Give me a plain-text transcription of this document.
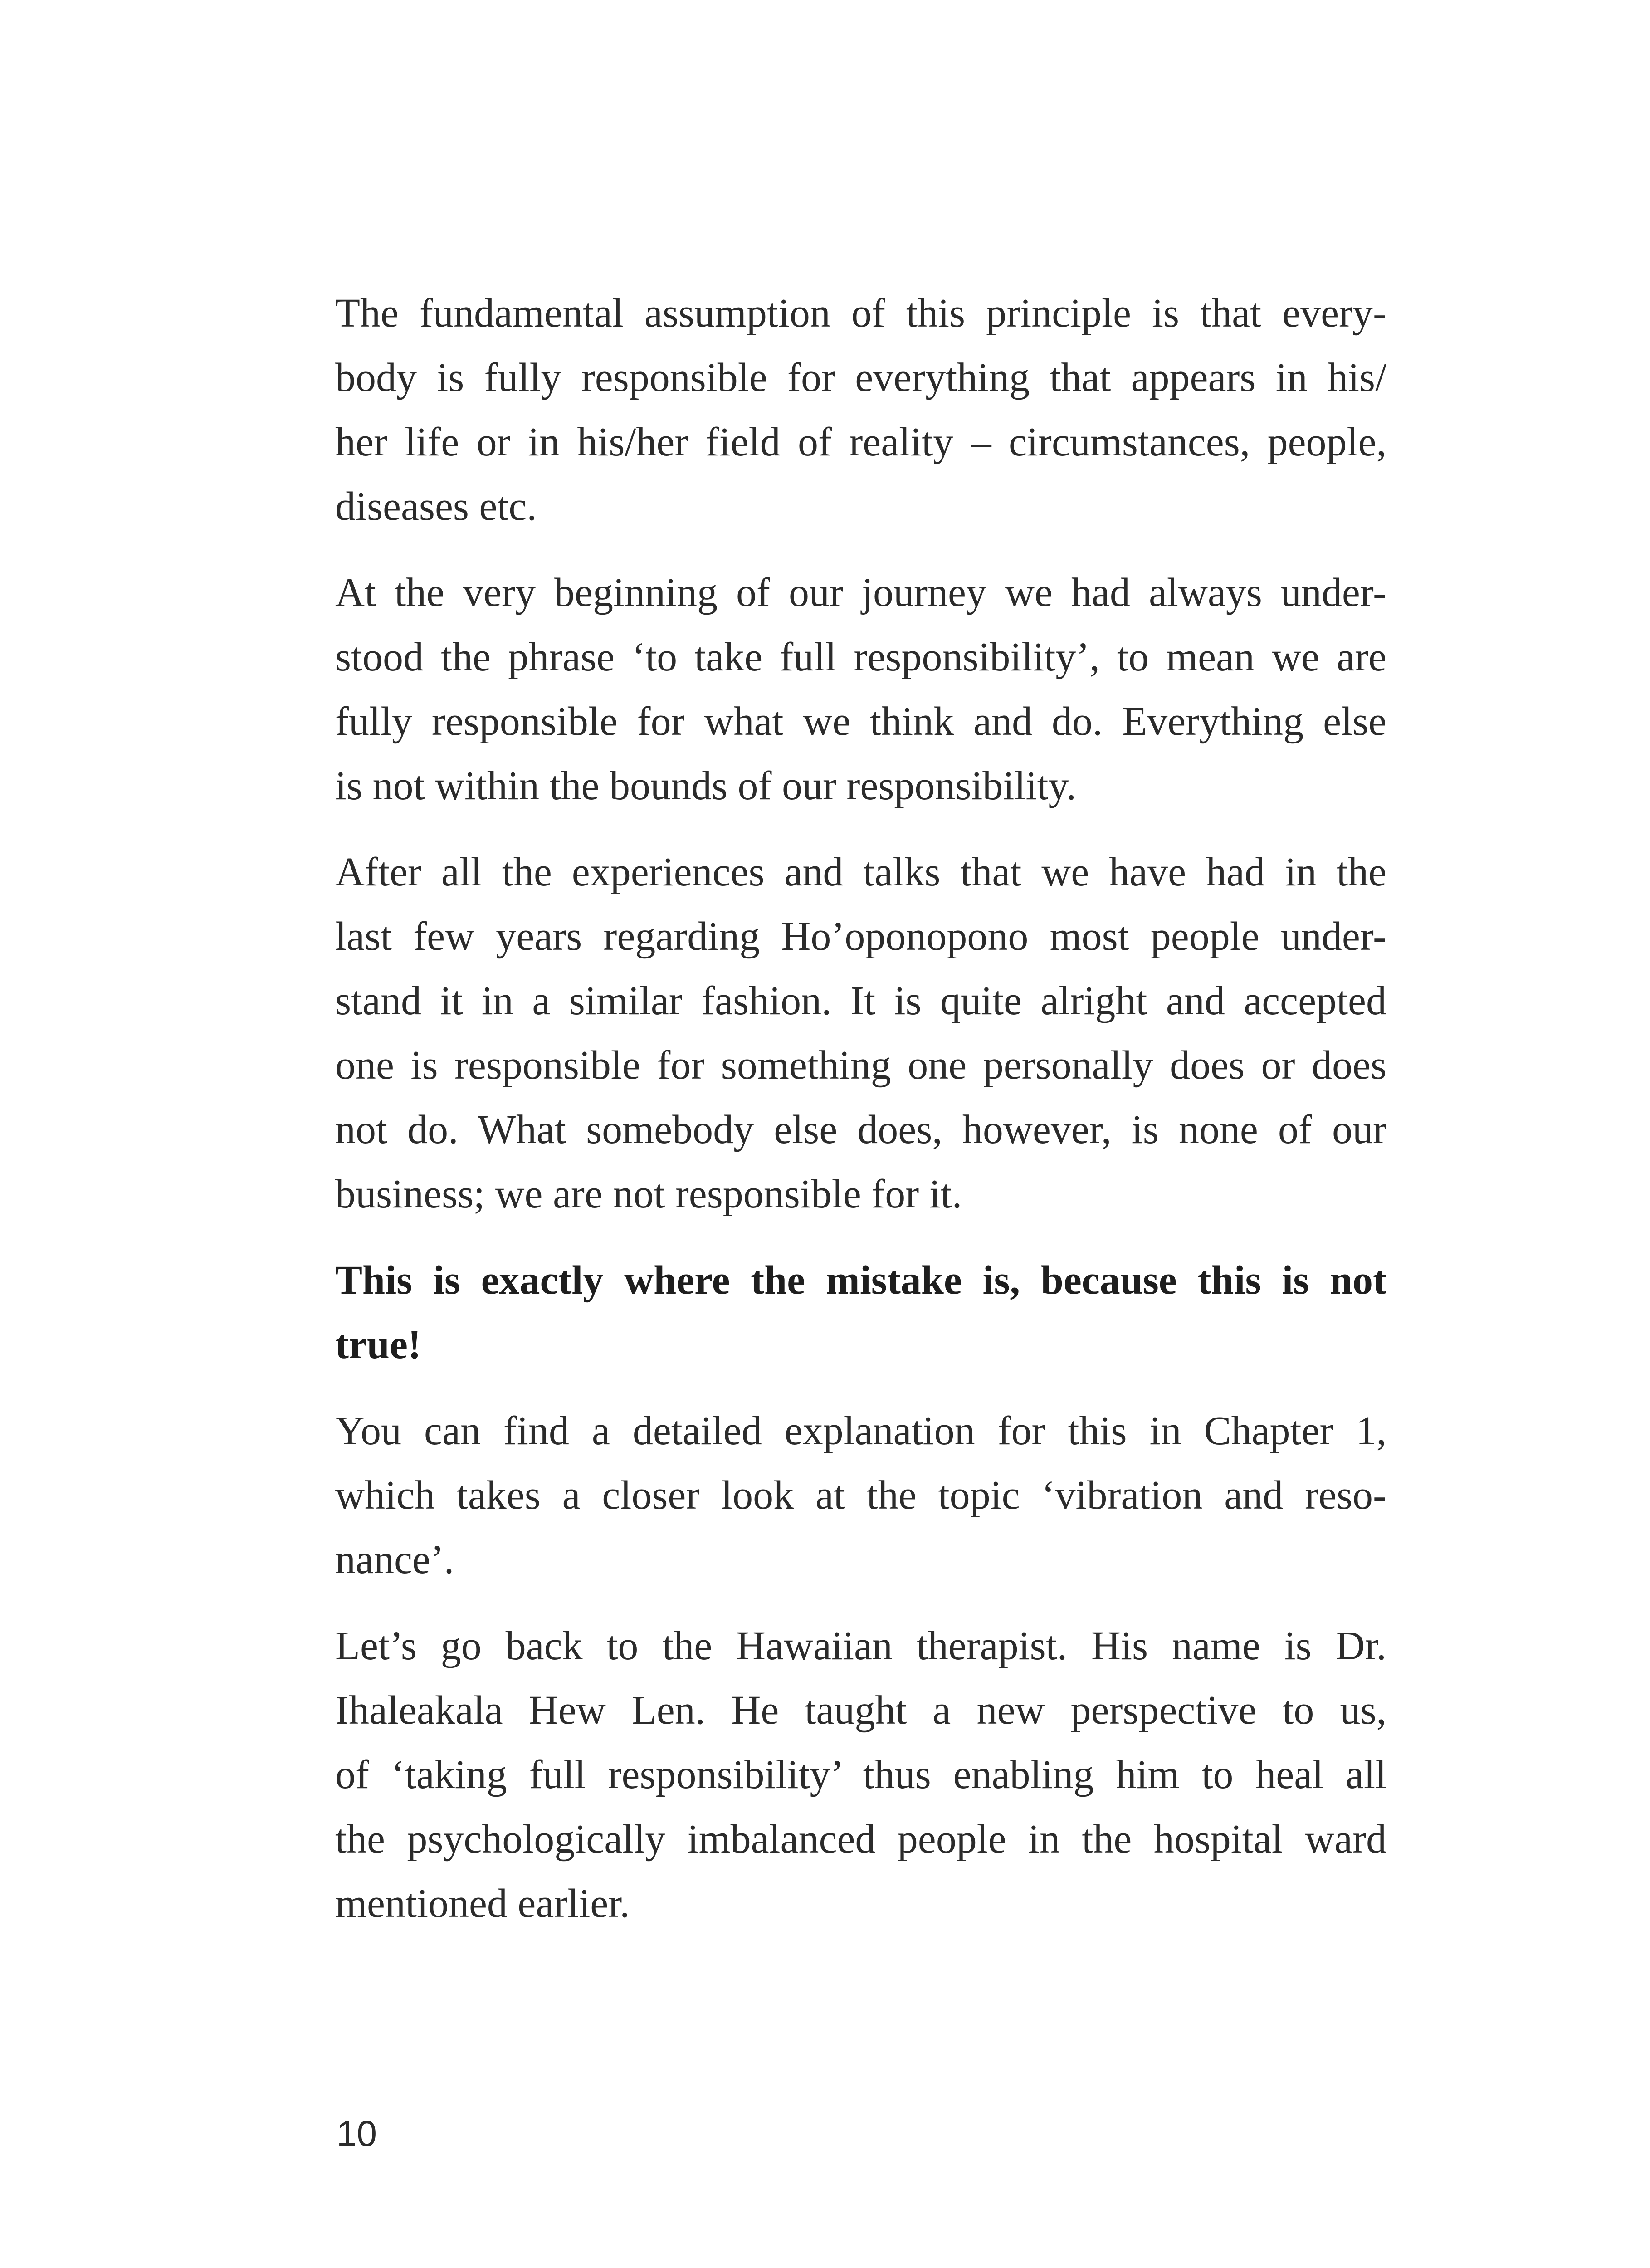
The fundamental assumption of this principle is that every-
body is fully responsible for everything that appears in his/
her life or in his/her field of reality – circumstances, people,
diseases etc.

At the very beginning of our journey we had always under-
stood the phrase ‘to take full responsibility’, to mean we are
fully responsible for what we think and do. Everything else
is not within the bounds of our responsibility.

After all the experiences and talks that we have had in the
last few years regarding Ho’oponopono most people under-
stand it in a similar fashion. It is quite alright and accepted
one is responsible for something one personally does or does
not do. What somebody else does, however, is none of our
business; we are not responsible for it.

This is exactly where the mistake is, because this is not
true!

You can find a detailed explanation for this in Chapter 1,
which takes a closer look at the topic ‘vibration and reso-
nance’.

Let’s go back to the Hawaiian therapist. His name is Dr.
Ihaleakala Hew Len. He taught a new perspective to us,
of ‘taking full responsibility’ thus enabling him to heal all
the psychologically imbalanced people in the hospital ward
mentioned earlier.

10
